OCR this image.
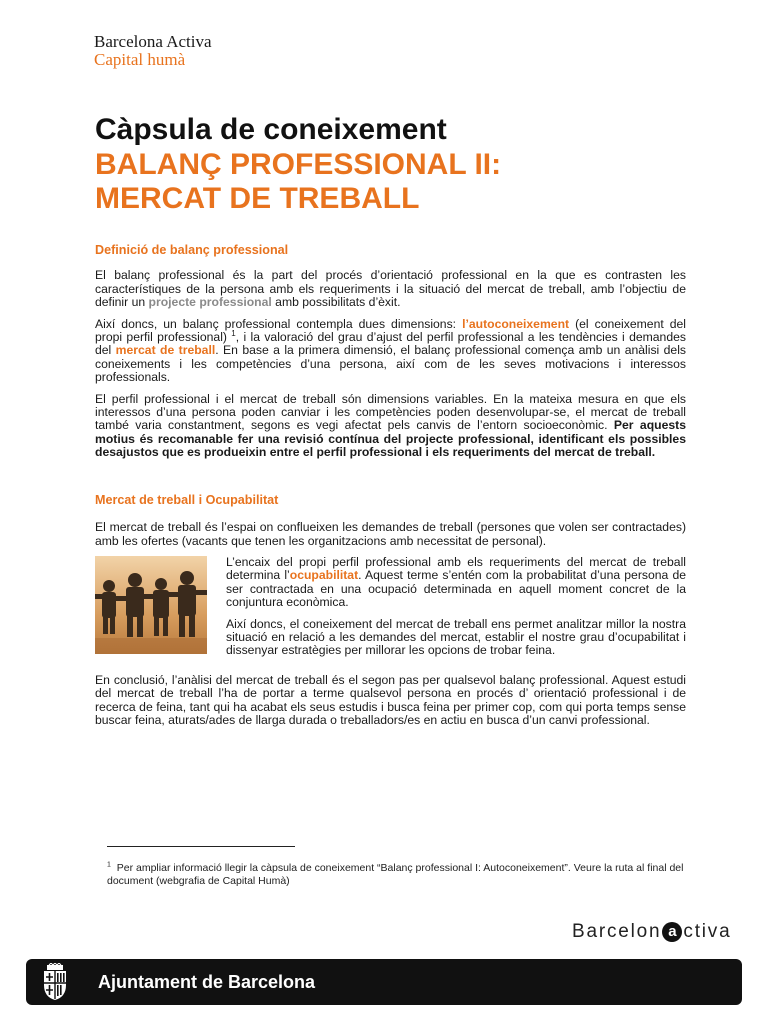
Barcelona Activa
Capital humà
Càpsula de coneixement
BALANÇ PROFESSIONAL II:
MERCAT DE TREBALL
Definició de balanç professional

El balanç professional és la part del procés d’orientació professional en la que es contrasten les característiques de la persona amb els requeriments i la situació del mercat de treball, amb l’objectiu de definir un projecte professional amb possibilitats d’èxit.

Així doncs, un balanç professional contempla dues dimensions: l’autoconeixement (el coneixement del propi perfil professional) $^1$, i la valoració del grau d’ajust del perfil professional a les tendències i demandes del mercat de treball. En base a la primera dimensió, el balanç professional comença amb un anàlisi dels coneixements i les competències d’una persona, així com de les seves motivacions i interessos professionals.

El perfil professional i el mercat de treball són dimensions variables. En la mateixa mesura en que els interessos d’una persona poden canviar i les competències poden desenvolupar-se, el mercat de treball també varia constantment, segons es vegi afectat pels canvis de l’entorn socioeconòmic. Per aquests motius és recomanable fer una revisió contínua del projecte professional, identificant els possibles desajustos que es produeixin entre el perfil professional i els requeriments del mercat de treball.

Mercat de treball i Ocupabilitat

El mercat de treball és l’espai on conflueixen les demandes de treball (persones que volen ser contractades) amb les ofertes (vacants que tenen les organitzacions amb necessitat de personal).

L’encaix del propi perfil professional amb els requeriments del mercat de treball determina l’ocupabilitat. Aquest terme s’entén com la probabilitat d’una persona de ser contractada en una ocupació determinada en aquell moment concret de la conjuntura econòmica.

Així doncs, el coneixement del mercat de treball ens permet analitzar millor la nostra situació en relació a les demandes del mercat, establir el nostre grau d’ocupabilitat i dissenyar estratègies per millorar les opcions de trobar feina.

En conclusió, l’anàlisi del mercat de treball és el segon pas per qualsevol balanç professional. Aquest estudi del mercat de treball l’ha de portar a terme qualsevol persona en procés d’ orientació professional i de recerca de feina, tant qui ha acabat els seus estudis i busca feina per primer cop, com qui porta temps sense buscar feina, aturats/ades de llarga durada o treballadors/es en actiu en busca d’un canvi professional.

$^1$ Per ampliar informació llegir la càpsula de coneixement “Balanç professional I: Autoconeixement”. Veure la ruta al final del document (webgrafia de Capital Humà)
Barcelon a ctiva
Ajuntament de Barcelona
